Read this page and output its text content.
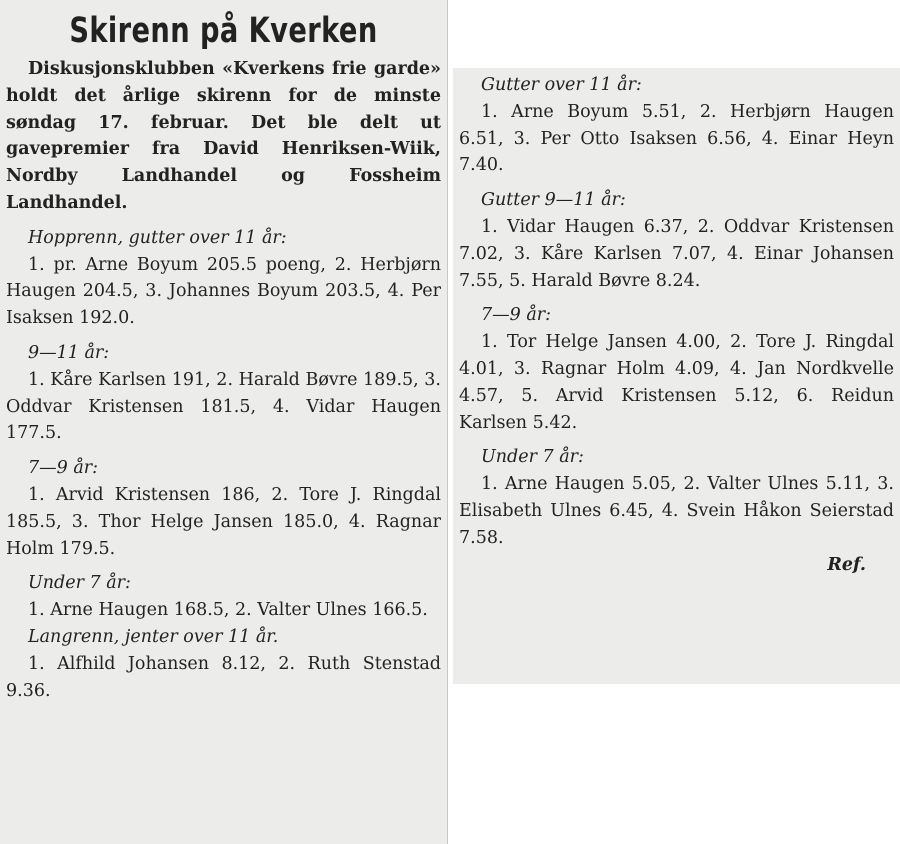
Skirenn på Kverken

Diskusjonsklubben «Kverkens frie garde» holdt det årlige skirenn for de minste søndag 17. februar. Det ble delt ut gavepremier fra David Henriksen-Wiik, Nordby Landhandel og Fossheim Landhandel.

Hopprenn, gutter over 11 år:

1. pr. Arne Boyum 205.5 poeng, 2. Herbjørn Haugen 204.5, 3. Johannes Boyum 203.5, 4. Per Isaksen 192.0.

9—11 år:

1. Kåre Karlsen 191, 2. Harald Bøvre 189.5, 3. Oddvar Kristensen 181.5, 4. Vidar Haugen 177.5.

7—9 år:

1. Arvid Kristensen 186, 2. Tore J. Ringdal 185.5, 3. Thor Helge Jansen 185.0, 4. Ragnar Holm 179.5.

Under 7 år:

1. Arne Haugen 168.5, 2. Valter Ulnes 166.5.

Langrenn, jenter over 11 år.

1. Alfhild Johansen 8.12, 2. Ruth Stenstad 9.36.

Gutter over 11 år:

1. Arne Boyum 5.51, 2. Herbjørn Haugen 6.51, 3. Per Otto Isaksen 6.56, 4. Einar Heyn 7.40.

Gutter 9—11 år:

1. Vidar Haugen 6.37, 2. Oddvar Kristensen 7.02, 3. Kåre Karlsen 7.07, 4. Einar Johansen 7.55, 5. Harald Bøvre 8.24.

7—9 år:

1. Tor Helge Jansen 4.00, 2. Tore J. Ringdal 4.01, 3. Ragnar Holm 4.09, 4. Jan Nordkvelle 4.57, 5. Arvid Kristensen 5.12, 6. Reidun Karlsen 5.42.

Under 7 år:

1. Arne Haugen 5.05, 2. Valter Ulnes 5.11, 3. Elisabeth Ulnes 6.45, 4. Svein Håkon Seierstad 7.58.

Ref.
